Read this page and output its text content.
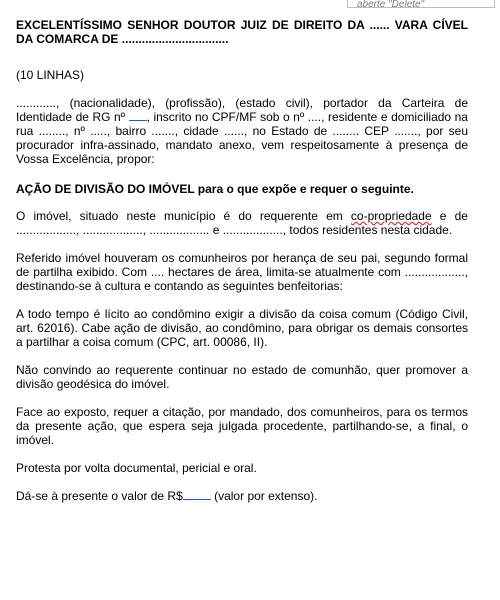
aberte "Delete"

EXCELENTÍSSIMO SENHOR DOUTOR JUIZ DE DIREITO DA ...... VARA CÍVEL DA COMARCA DE ................................

(10 LINHAS)

............, (nacionalidade), (profissão), (estado civil), portador da Carteira de Identidade de RG nº , inscrito no CPF/MF sob o nº ...., residente e domiciliado na rua ........, nº ....., bairro ......., cidade ......, no Estado de ........ CEP ......., por seu procurador infra-assinado, mandato anexo, vem respeitosamente à presença de Vossa Excelência, propor:

AÇÃO DE DIVISÃO DO IMÓVEL para o que expõe e requer o seguinte.

O imóvel, situado neste município é do requerente em co-propriedade e de .................., .................., .................. e .................., todos residentes nesta cidade.

Referido imóvel houveram os comunheiros por herança de seu pai, segundo formal de partilha exibido. Com .... hectares de área, limita-se atualmente com .................., destinando-se à cultura e contando as seguintes benfeitorias:

A todo tempo é lícito ao condômino exigir a divisão da coisa comum (Código Civil, art. 62016). Cabe ação de divisão, ao condômino, para obrigar os demais consortes a partilhar a coisa comum (CPC, art. 00086, II).

Não convindo ao requerente continuar no estado de comunhão, quer promover a divisão geodésica do imóvel.

Face ao exposto, requer a citação, por mandado, dos comunheiros, para os termos da presente ação, que espera seja julgada procedente, partilhando-se, a final, o imóvel.

Protesta por volta documental, pericial e oral.

Dá-se à presente o valor de R$ (valor por extenso).
